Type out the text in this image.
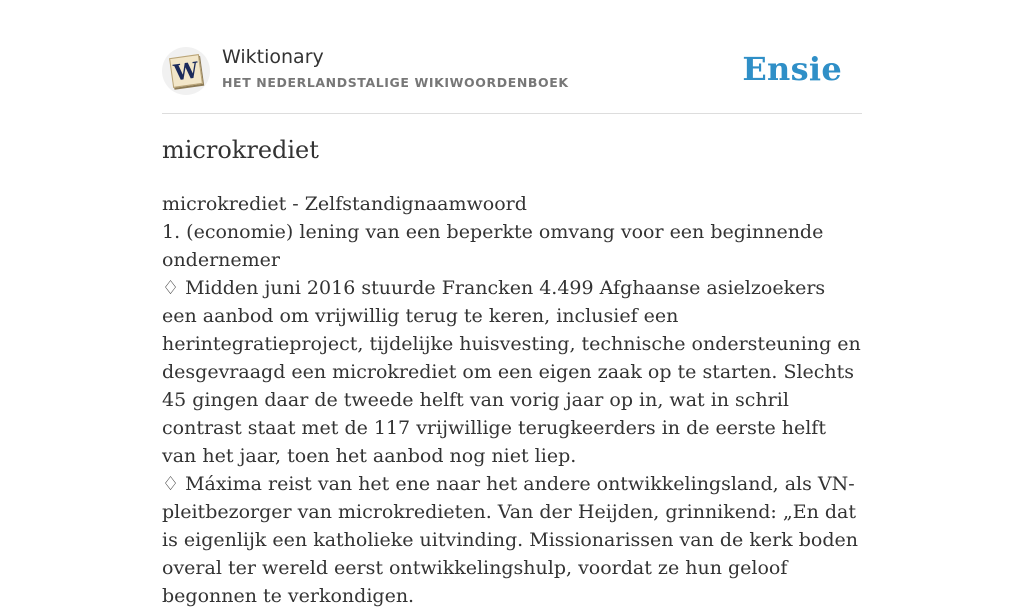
W
Wiktionary
HET NEDERLANDSTALIGE WIKIWOORDENBOEK	Ensie
microkrediet

microkrediet - Zelfstandignaamwoord

1. (economie) lening van een beperkte omvang voor een beginnende ondernemer

♢ Midden juni 2016 stuurde Francken 4.499 Afghaanse asielzoekers een aanbod om vrijwillig terug te keren, inclusief een herintegratieproject, tijdelijke huisvesting, technische ondersteuning en desgevraagd een microkrediet om een eigen zaak op te starten. Slechts 45 gingen daar de tweede helft van vorig jaar op in, wat in schril contrast staat met de 117 vrijwillige terugkeerders in de eerste helft van het jaar, toen het aanbod nog niet liep.

♢ Máxima reist van het ene naar het andere ontwikkelingsland, als VN-pleitbezorger van microkredieten. Van der Heijden, grinnikend: „En dat is eigenlijk een katholieke uitvinding. Missionarissen van de kerk boden overal ter wereld eerst ontwikkelingshulp, voordat ze hun geloof begonnen te verkondigen.
